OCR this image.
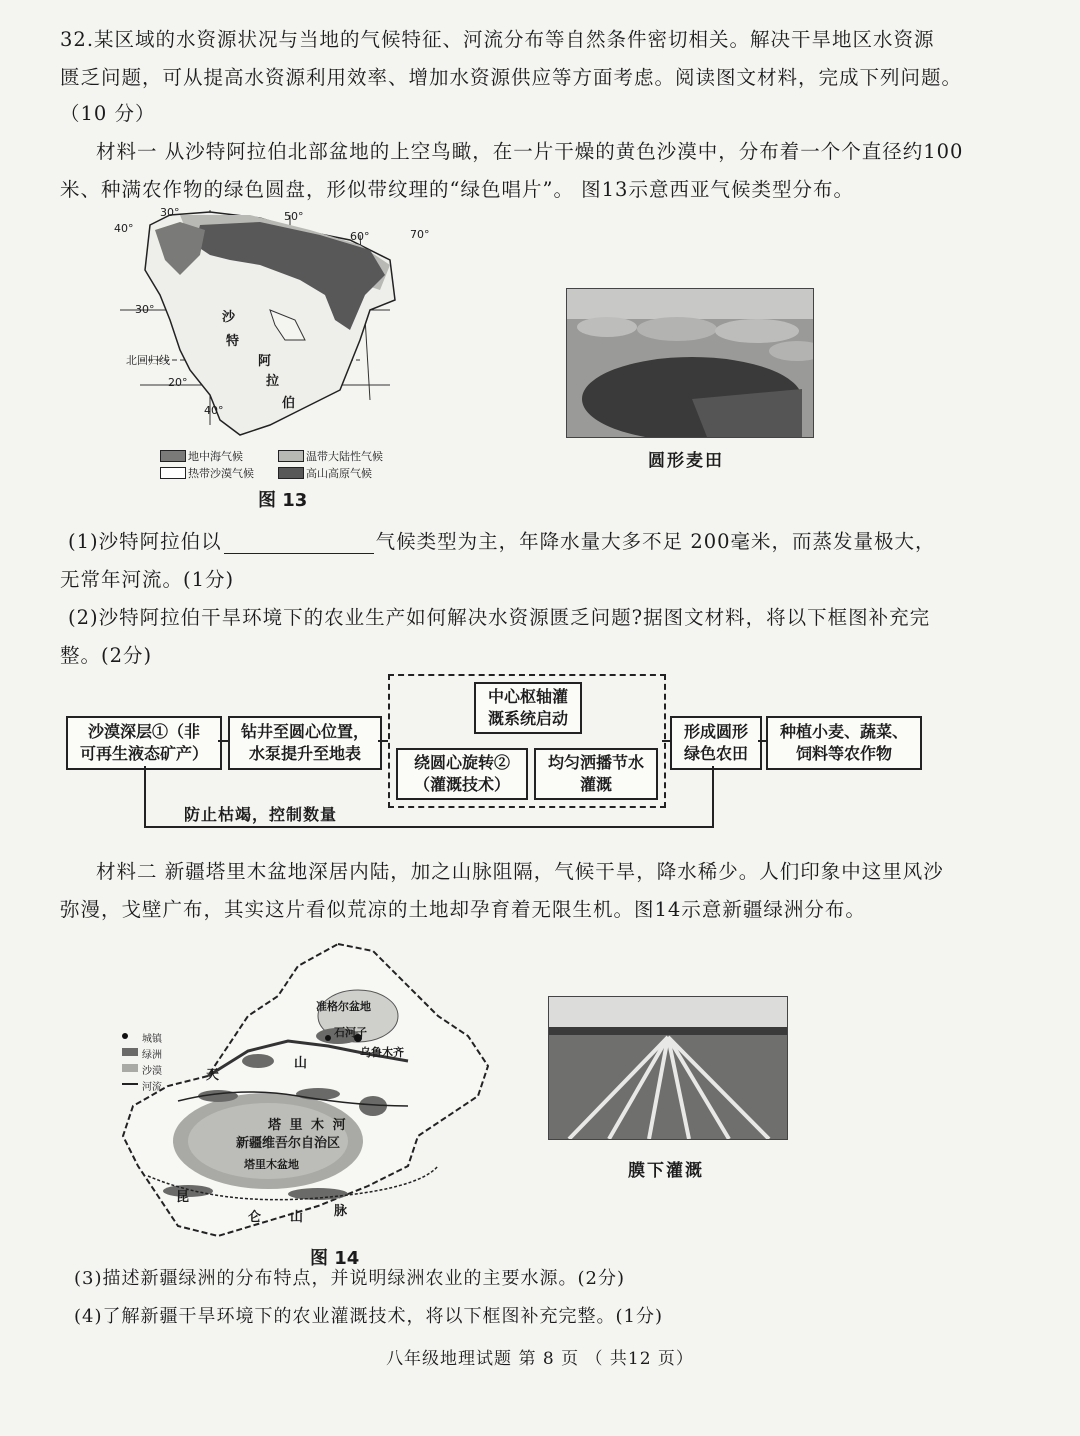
32.某区域的水资源状况与当地的气候特征、河流分布等自然条件密切相关。解决干旱地区水资源
匮乏问题，可从提高水资源利用效率、增加水资源供应等方面考虑。阅读图文材料，完成下列问题。
（10 分）
材料一 从沙特阿拉伯北部盆地的上空鸟瞰，在一片干燥的黄色沙漠中，分布着一个个直径约100
米、种满农作物的绿色圆盘，形似带纹理的“绿色唱片”。 图13示意西亚气候类型分布。
40°
30°	50°
60°	70°
30°
北回归线
20°
40°
沙
特
阿
拉
伯
地中海气候	温带大陆性气候
热带沙漠气候	高山高原气候
图 13
圆形麦田
(1)沙特阿拉伯以	气候类型为主，年降水量大多不足 200毫米，而蒸发量极大，
无常年河流。(1分)
(2)沙特阿拉伯干旱环境下的农业生产如何解决水资源匮乏问题?据图文材料，将以下框图补充完
整。(2分)
沙漠深层①（非
可再生液态矿产）
钻井至圆心位置，
水泵提升至地表
中心枢轴灌
溉系统启动
绕圆心旋转②
（灌溉技术）
均匀洒播节水
灌溉
形成圆形
绿色农田
种植小麦、蔬菜、
饲料等农作物
防止枯竭，控制数量
材料二 新疆塔里木盆地深居内陆，加之山脉阻隔，气候干旱，降水稀少。人们印象中这里风沙
弥漫，戈壁广布，其实这片看似荒凉的土地却孕育着无限生机。图14示意新疆绿洲分布。
准格尔盆地
石河子
乌鲁木齐
天
山
塔 里 木 河
新疆维吾尔自治区
塔里木盆地
昆
仑 山 脉
城镇
绿洲
沙漠
河流
图 14
膜下灌溉
(3)描述新疆绿洲的分布特点，并说明绿洲农业的主要水源。(2分)
(4)了解新疆干旱环境下的农业灌溉技术，将以下框图补充完整。(1分)
八年级地理试题 第 8 页 （ 共12 页）
